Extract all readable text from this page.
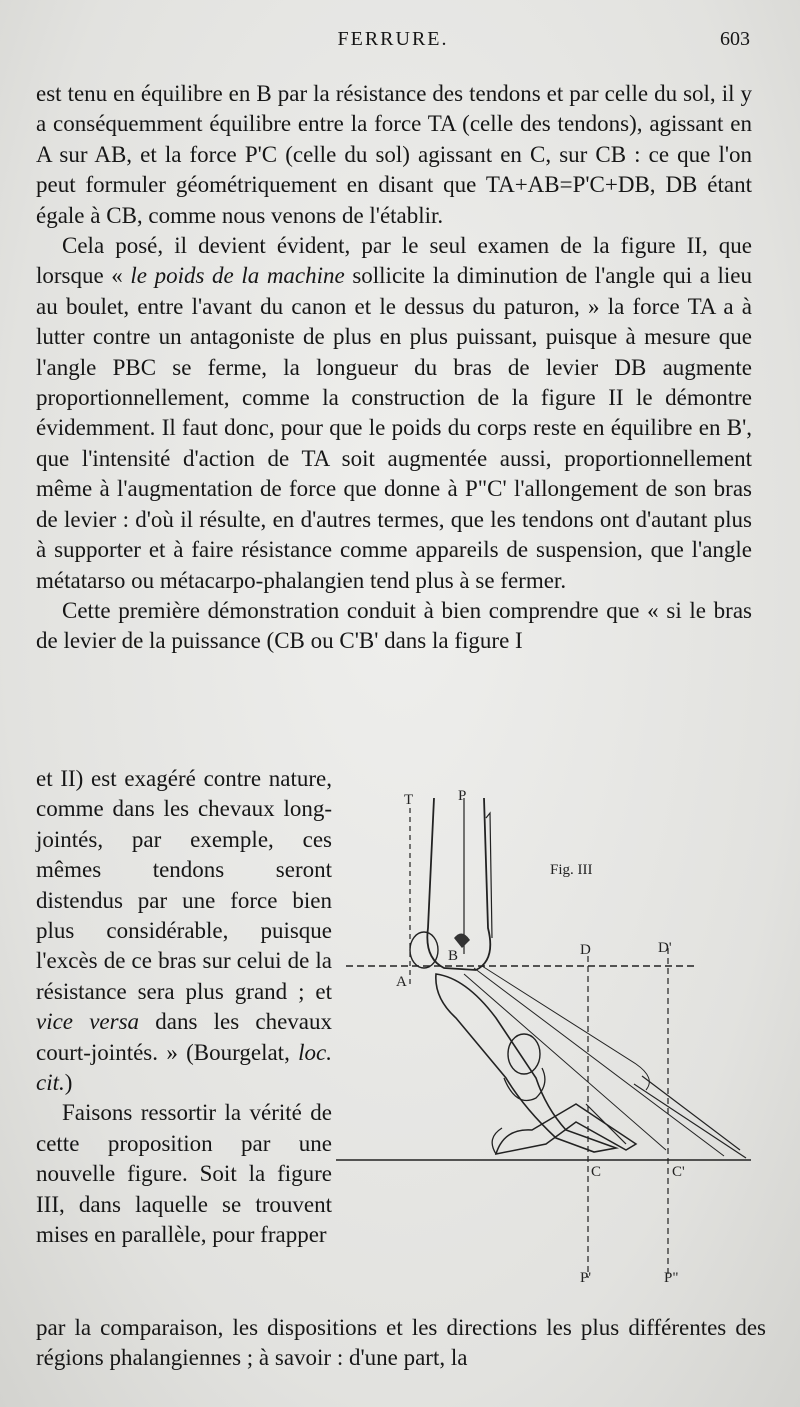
FERRURE.	603

est tenu en équilibre en B par la résistance des tendons et par celle du sol, il y a conséquemment équilibre entre la force TA (celle des tendons), agissant en A sur AB, et la force P'C (celle du sol) agissant en C, sur CB : ce que l'on peut formuler géométriquement en disant que TA+AB=P'C+DB, DB étant égale à CB, comme nous venons de l'établir.

Cela posé, il devient évident, par le seul examen de la figure II, que lorsque « le poids de la machine sollicite la diminution de l'angle qui a lieu au boulet, entre l'avant du canon et le dessus du paturon, » la force TA a à lutter contre un antagoniste de plus en plus puissant, puisque à mesure que l'angle PBC se ferme, la longueur du bras de levier DB augmente proportionnellement, comme la construction de la figure II le démontre évidemment. Il faut donc, pour que le poids du corps reste en équilibre en B', que l'intensité d'action de TA soit augmentée aussi, proportionnellement même à l'augmentation de force que donne à P"C' l'allongement de son bras de levier : d'où il résulte, en d'autres termes, que les tendons ont d'autant plus à supporter et à faire résistance comme appareils de suspension, que l'angle métatarso ou métacarpo-phalangien tend plus à se fermer.

Cette première démonstration conduit à bien comprendre que « si le bras de levier de la puissance (CB ou C'B' dans la figure I

et II) est exagéré contre nature, comme dans les chevaux long-jointés, par exemple, ces mêmes tendons seront distendus par une force bien plus considérable, puisque l'excès de ce bras sur celui de la résistance sera plus grand ; et vice versa dans les chevaux court-jointés. » (Bourgelat, loc. cit.)

Faisons ressortir la vérité de cette proposition par une nouvelle figure. Soit la figure III, dans laquelle se trouvent mises en parallèle, pour frapper

par la comparaison, les dispositions et les directions les plus différentes des régions phalangiennes ; à savoir : d'une part, la

T	P
A
B	D	D'
C	C'
P'	P"
Fig. III
